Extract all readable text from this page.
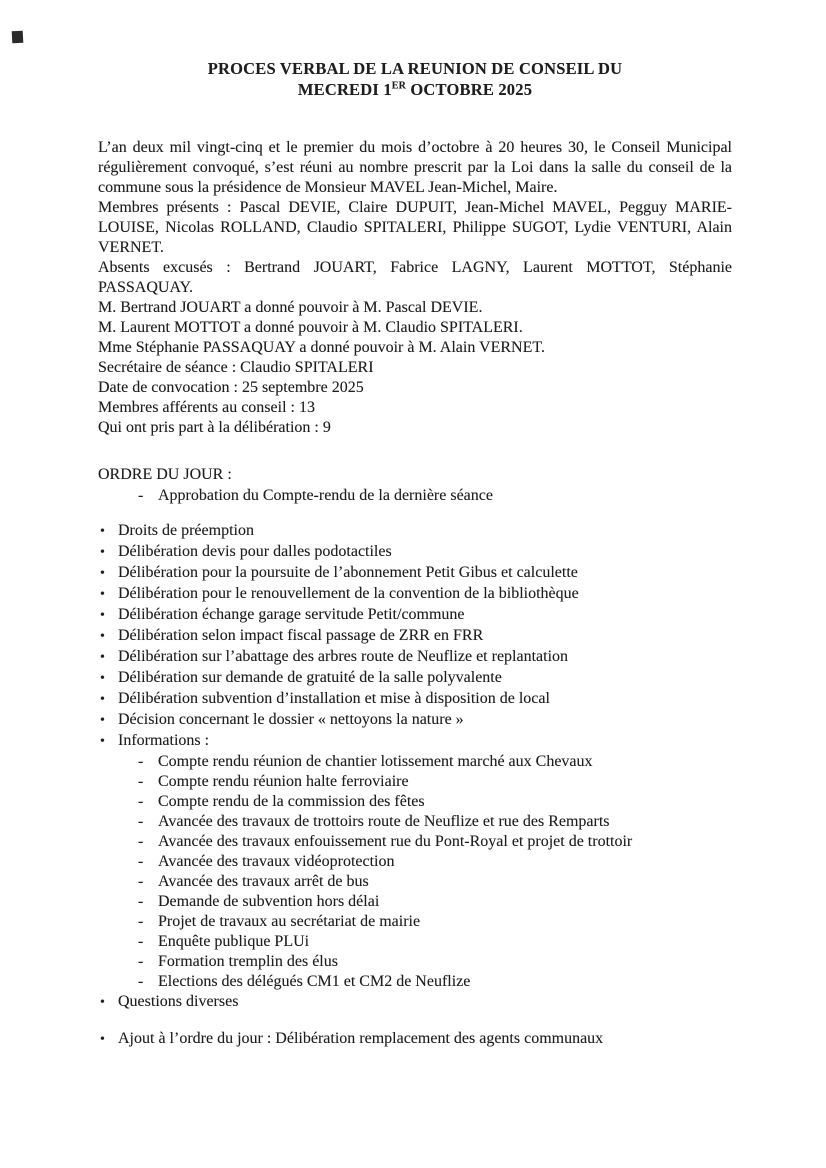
PROCES VERBAL DE LA REUNION DE CONSEIL DU
MECREDI 1ER OCTOBRE 2025

L’an deux mil vingt-cinq et le premier du mois d’octobre à 20 heures 30, le Conseil Municipal régulièrement convoqué, s’est réuni au nombre prescrit par la Loi dans la salle du conseil de la commune sous la présidence de Monsieur MAVEL Jean-Michel, Maire.

Membres présents : Pascal DEVIE, Claire DUPUIT, Jean-Michel MAVEL, Pegguy MARIE-LOUISE, Nicolas ROLLAND, Claudio SPITALERI, Philippe SUGOT, Lydie VENTURI, Alain VERNET.

Absents excusés : Bertrand JOUART, Fabrice LAGNY, Laurent MOTTOT, Stéphanie PASSAQUAY.

M. Bertrand JOUART a donné pouvoir à M. Pascal DEVIE.

M. Laurent MOTTOT a donné pouvoir à M. Claudio SPITALERI.

Mme Stéphanie PASSAQUAY a donné pouvoir à M. Alain VERNET.

Secrétaire de séance : Claudio SPITALERI

Date de convocation : 25 septembre 2025

Membres afférents au conseil : 13

Qui ont pris part à la délibération : 9

ORDRE DU JOUR :

- Approbation du Compte-rendu de la dernière séance
• Droits de préemption
• Délibération devis pour dalles podotactiles
• Délibération pour la poursuite de l’abonnement Petit Gibus et calculette
• Délibération pour le renouvellement de la convention de la bibliothèque
• Délibération échange garage servitude Petit/commune
• Délibération selon impact fiscal passage de ZRR en FRR
• Délibération sur l’abattage des arbres route de Neuflize et replantation
• Délibération sur demande de gratuité de la salle polyvalente
• Délibération subvention d’installation et mise à disposition de local
• Décision concernant le dossier « nettoyons la nature »
• Informations :
- Compte rendu réunion de chantier lotissement marché aux Chevaux
- Compte rendu réunion halte ferroviaire
- Compte rendu de la commission des fêtes
- Avancée des travaux de trottoirs route de Neuflize et rue des Remparts
- Avancée des travaux enfouissement rue du Pont-Royal et projet de trottoir
- Avancée des travaux vidéoprotection
- Avancée des travaux arrêt de bus
- Demande de subvention hors délai
- Projet de travaux au secrétariat de mairie
- Enquête publique PLUi
- Formation tremplin des élus
- Elections des délégués CM1 et CM2 de Neuflize
• Questions diverses
• Ajout à l’ordre du jour : Délibération remplacement des agents communaux
